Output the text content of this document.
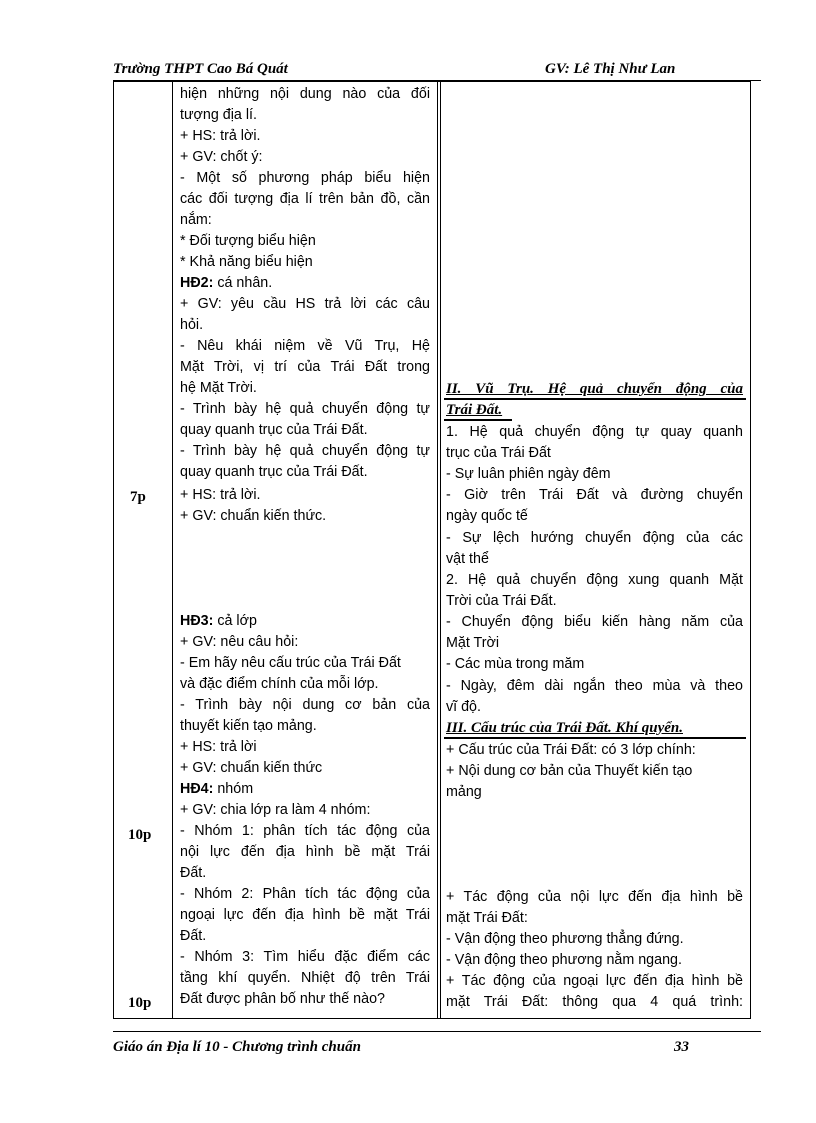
Trường THPT Cao Bá Quát	GV: Lê Thị Như Lan
7p
10p
10p
hiện những nội dung nào của đối
tượng địa lí.
+ HS: trả lời.
+ GV: chốt ý:
- Một số phương pháp biểu hiện
các đối tượng địa lí trên bản đồ, cần
nắm:
* Đối tượng biểu hiện
* Khả năng biểu hiện
HĐ2: cá nhân.
+ GV: yêu cầu HS trả lời các câu
hỏi.
- Nêu khái niệm về Vũ Trụ, Hệ
Mặt Trời, vị trí của Trái Đất trong
hệ Mặt Trời.
- Trình bày hệ quả chuyển động tự
quay quanh trục của Trái Đất.
- Trình bày hệ quả chuyển động tự
quay quanh trục của Trái Đất.
+ HS: trả lời.
+ GV: chuẩn kiến thức.
HĐ3: cả lớp
+ GV: nêu câu hỏi:
- Em hãy nêu cấu trúc của Trái Đất
và đặc điểm chính của mỗi lớp.
- Trình bày nội dung cơ bản của
thuyết kiến tạo mảng.
+ HS: trả lời
+ GV: chuẩn kiến thức
HĐ4: nhóm
+ GV: chia lớp ra làm 4 nhóm:
- Nhóm 1: phân tích tác động của
nội lực đến địa hình bề mặt Trái
Đất.
- Nhóm 2: Phân tích tác động của
ngoại lực đến địa hình bề mặt Trái
Đất.
- Nhóm 3: Tìm hiểu đặc điểm các
tầng khí quyển. Nhiệt độ trên Trái
Đất được phân bố như thế nào?
II. Vũ Trụ. Hệ quả chuyển động của
Trái Đất.
1. Hệ quả chuyển động tự quay quanh
trục của Trái Đất
- Sự luân phiên ngày đêm
- Giờ trên Trái Đất và đường chuyển
ngày quốc tế
- Sự lệch hướng chuyển động của các
vật thể
2. Hệ quả chuyển động xung quanh Mặt
Trời của Trái Đất.
- Chuyển động biểu kiến hàng năm của
Mặt Trời
- Các mùa trong măm
- Ngày, đêm dài ngắn theo mùa và theo
vĩ độ.
III. Cấu trúc của Trái Đất. Khí quyển.
+ Cấu trúc của Trái Đất: có 3 lớp chính:
+ Nội dung cơ bản của Thuyết kiến tạo
mảng
+ Tác động của nội lực đến địa hình bề
mặt Trái Đất:
- Vận động theo phương thẳng đứng.
- Vận động theo phương nằm ngang.
+ Tác động của ngoại lực đến địa hình bề
mặt Trái Đất: thông qua 4 quá trình:
Giáo án Địa lí 10 - Chương trình chuẩn	33
